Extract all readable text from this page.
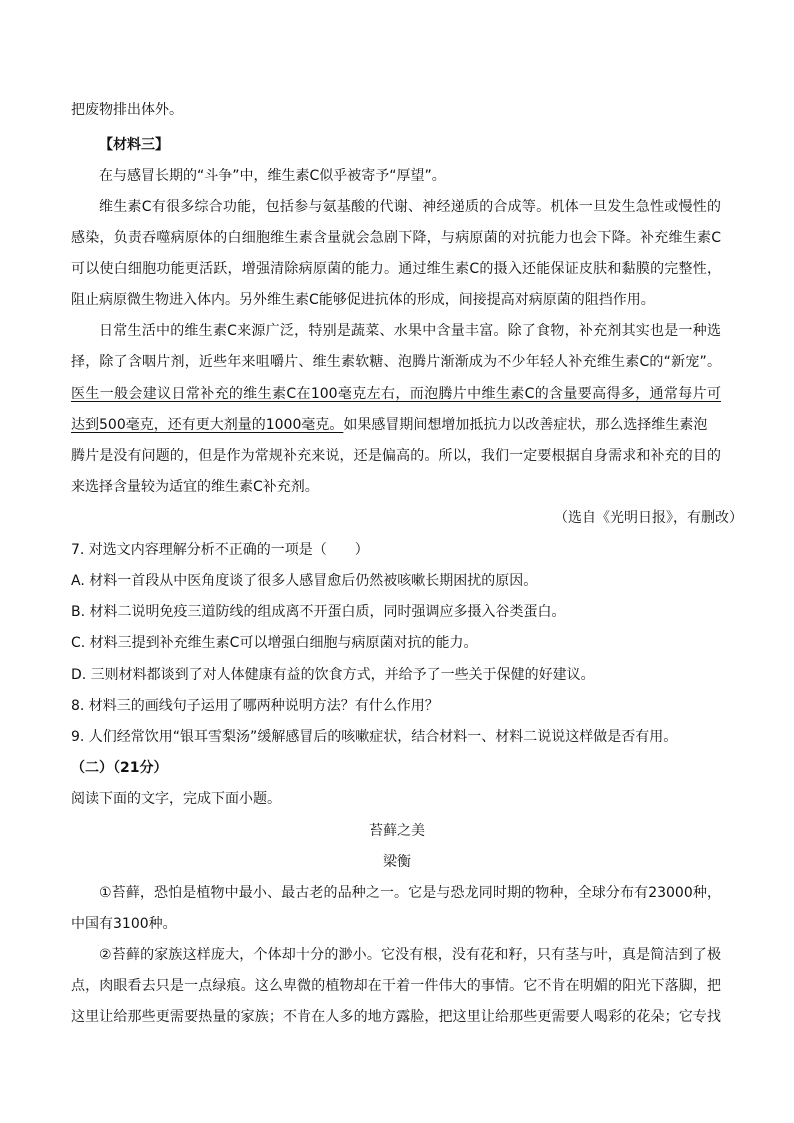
把废物排出体外。
【材料三】
在与感冒长期的“斗争”中，维生素C似乎被寄予“厚望”。
维生素C有很多综合功能，包括参与氨基酸的代谢、神经递质的合成等。机体一旦发生急性或慢性的
感染，负责吞噬病原体的白细胞维生素含量就会急剧下降，与病原菌的对抗能力也会下降。补充维生素C
可以使白细胞功能更活跃，增强清除病原菌的能力。通过维生素C的摄入还能保证皮肤和黏膜的完整性，
阻止病原微生物进入体内。另外维生素C能够促进抗体的形成，间接提高对病原菌的阻挡作用。
日常生活中的维生素C来源广泛，特别是蔬菜、水果中含量丰富。除了食物，补充剂其实也是一种选
择，除了含咽片剂，近些年来咀嚼片、维生素软糖、泡腾片渐渐成为不少年轻人补充维生素C的“新宠”。
医生一般会建议日常补充的维生素C在100毫克左右，而泡腾片中维生素C的含量要高得多，通常每片可
达到500毫克，还有更大剂量的1000毫克。如果感冒期间想增加抵抗力以改善症状，那么选择维生素泡
腾片是没有问题的，但是作为常规补充来说，还是偏高的。所以，我们一定要根据自身需求和补充的目的
来选择含量较为适宜的维生素C补充剂。
（选自《光明日报》，有删改）
7. 对选文内容理解分析不正确的一项是（　　）
A. 材料一首段从中医角度谈了很多人感冒愈后仍然被咳嗽长期困扰的原因。
B. 材料二说明免疫三道防线的组成离不开蛋白质，同时强调应多摄入谷类蛋白。
C. 材料三提到补充维生素C可以增强白细胞与病原菌对抗的能力。
D. 三则材料都谈到了对人体健康有益的饮食方式，并给予了一些关于保健的好建议。
8. 材料三的画线句子运用了哪两种说明方法？有什么作用？
9. 人们经常饮用“银耳雪梨汤”缓解感冒后的咳嗽症状，结合材料一、材料二说说这样做是否有用。
（二）（21分）
阅读下面的文字，完成下面小题。
苔藓之美
梁衡
①苔藓，恐怕是植物中最小、最古老的品种之一。它是与恐龙同时期的物种，全球分布有23000种，
中国有3100种。
②苔藓的家族这样庞大，个体却十分的渺小。它没有根，没有花和籽，只有茎与叶，真是简洁到了极
点，肉眼看去只是一点绿痕。这么卑微的植物却在干着一件伟大的事情。它不肯在明媚的阳光下落脚，把
这里让给那些更需要热量的家族；不肯在人多的地方露脸，把这里让给那些更需要人喝彩的花朵；它专找
